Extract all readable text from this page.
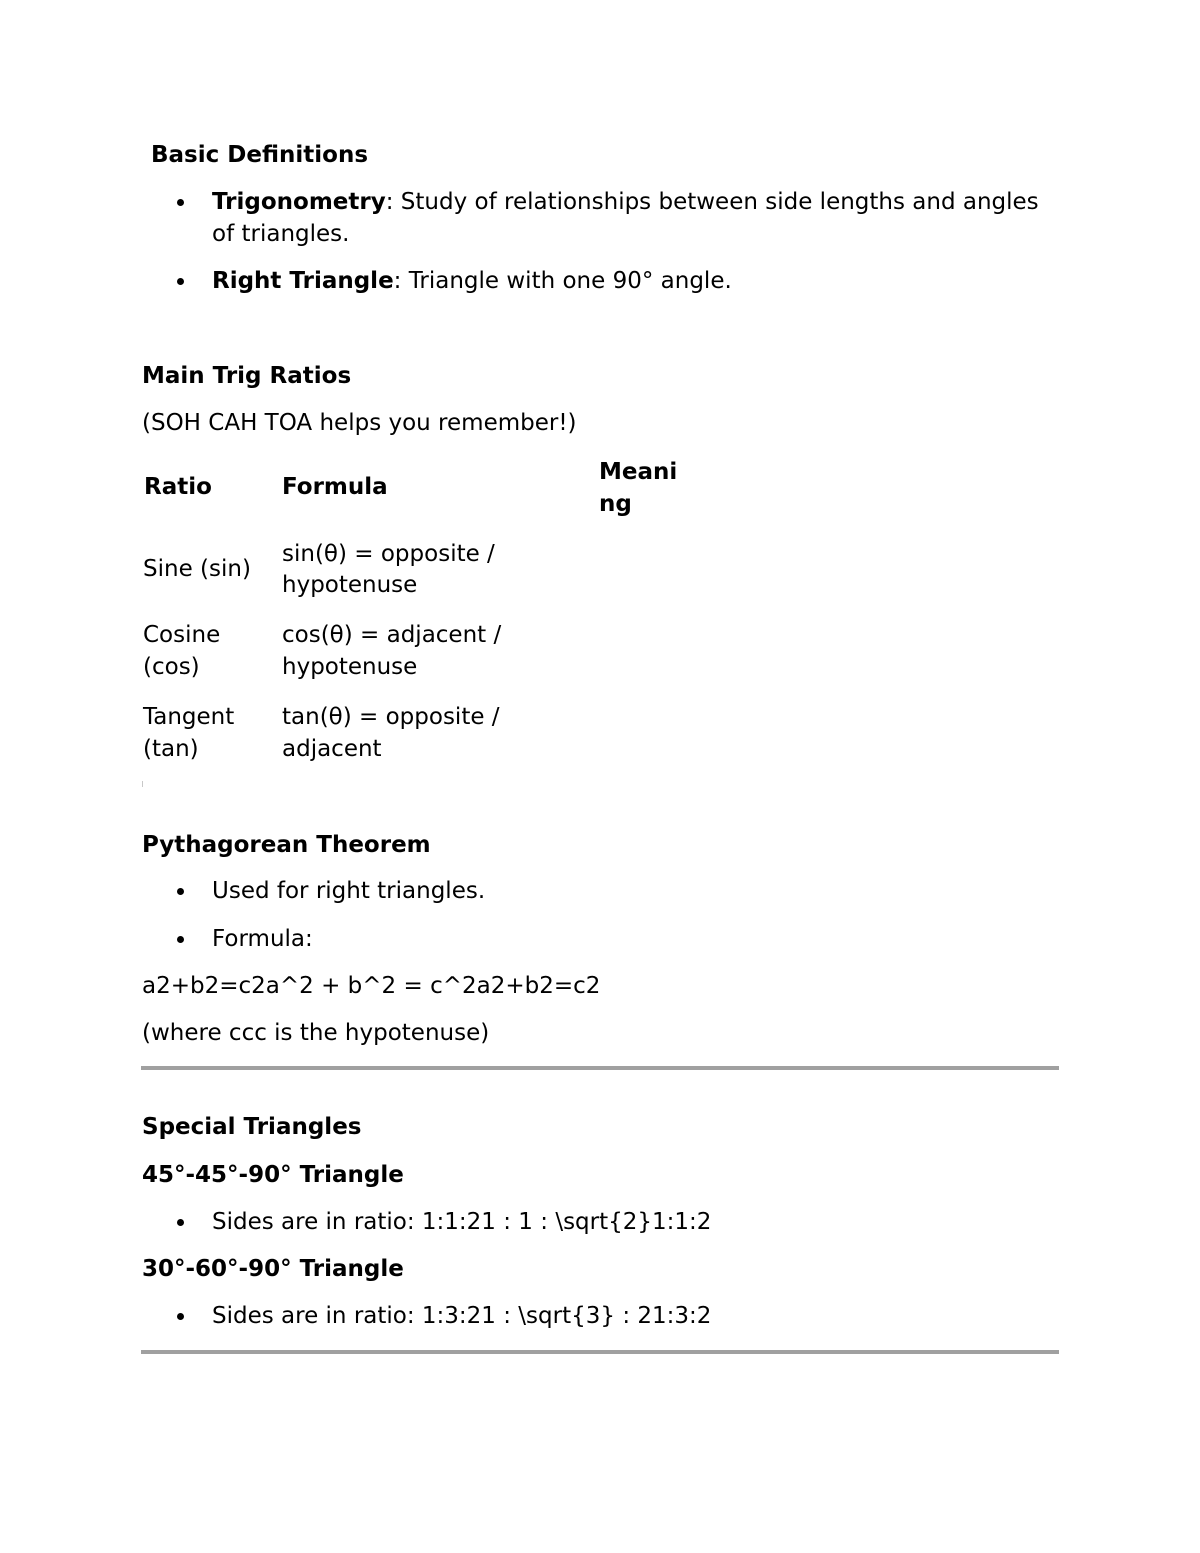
Basic Definitions
Trigonometry: Study of relationships between side lengths and angles
of triangles.
Right Triangle: Triangle with one 90° angle.
Main Trig Ratios
(SOH CAH TOA helps you remember!)
Ratio	Formula
Meani
ng
Sine (sin)
sin(θ) = opposite /
hypotenuse
Cosine
(cos)
cos(θ) = adjacent /
hypotenuse
Tangent
(tan)
tan(θ) = opposite /
adjacent
Pythagorean Theorem
Used for right triangles.
Formula:
a2+b2=c2a^2 + b^2 = c^2a2+b2=c2
(where ccc is the hypotenuse)
Special Triangles
45°-45°-90° Triangle
Sides are in ratio: 1:1:21 : 1 : \sqrt{2}1:1:2
30°-60°-90° Triangle
Sides are in ratio: 1:3:21 : \sqrt{3} : 21:3:2
